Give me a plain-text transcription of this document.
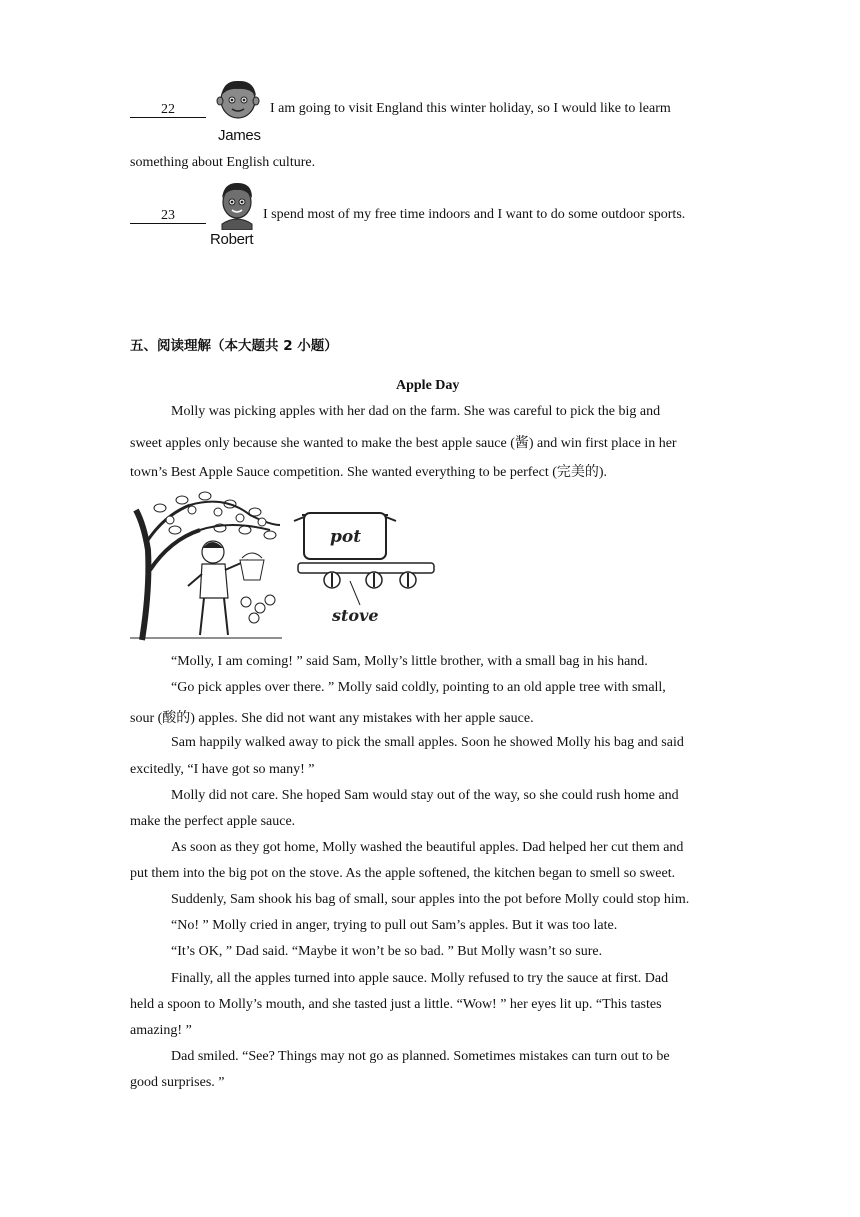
22
James

I am going to visit England this winter holiday, so I would like to learm

something about English culture.

23
Robert

I spend most of my free time indoors and I want to do some outdoor sports.

五、阅读理解（本大题共 2 小题）
Apple Day

Molly was picking apples with her dad on the farm. She was careful to pick the big and

sweet apples only because she wanted to make the best apple sauce (酱) and win first place in her

town’s Best Apple Sauce competition. She wanted everything to be perfect (完美的).

pot
stove

“Molly, I am coming! ” said Sam, Molly’s little brother, with a small bag in his hand.

“Go pick apples over there. ” Molly said coldly, pointing to an old apple tree with small,

sour (酸的) apples. She did not want any mistakes with her apple sauce.

Sam happily walked away to pick the small apples. Soon he showed Molly his bag and said

excitedly, “I have got so many! ”

Molly did not care. She hoped Sam would stay out of the way, so she could rush home and

make the perfect apple sauce.

As soon as they got home, Molly washed the beautiful apples. Dad helped her cut them and

put them into the big pot on the stove. As the apple softened, the kitchen began to smell so sweet.

Suddenly, Sam shook his bag of small, sour apples into the pot before Molly could stop him.

“No! ” Molly cried in anger, trying to pull out Sam’s apples. But it was too late.

“It’s OK, ” Dad said. “Maybe it won’t be so bad. ” But Molly wasn’t so sure.

Finally, all the apples turned into apple sauce. Molly refused to try the sauce at first. Dad

held a spoon to Molly’s mouth, and she tasted just a little. “Wow! ” her eyes lit up. “This tastes

amazing! ”

Dad smiled. “See? Things may not go as planned. Sometimes mistakes can turn out to be

good surprises. ”
